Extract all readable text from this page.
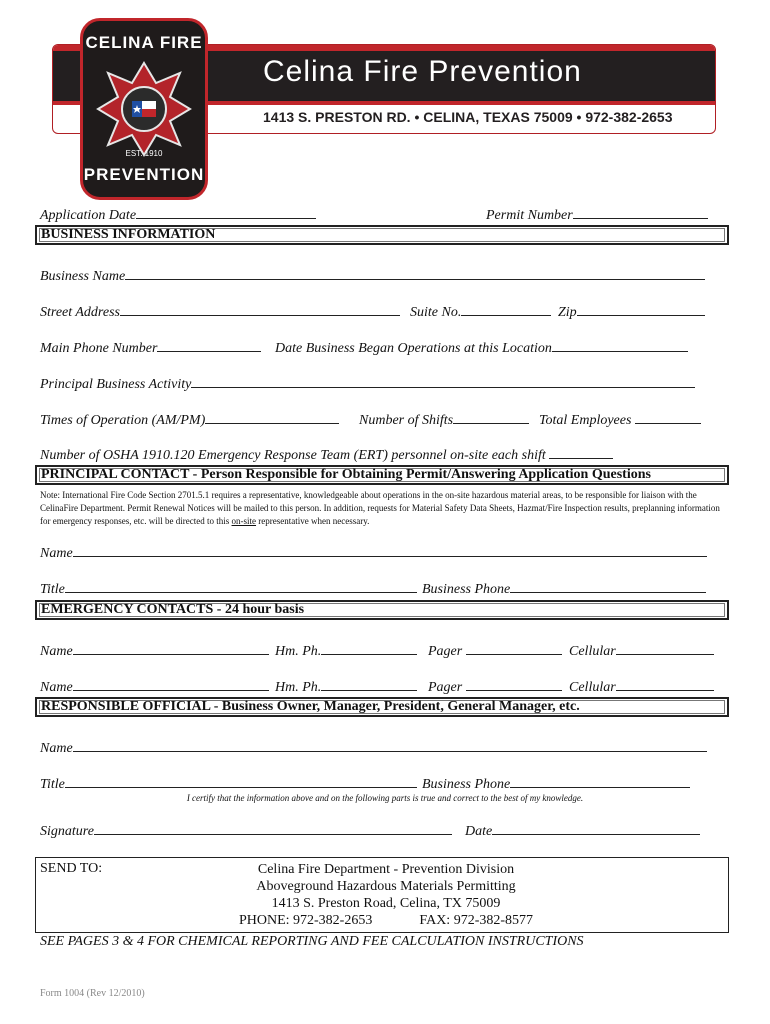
Celina Fire Prevention
1413 S. PRESTON RD. • CELINA, TEXAS 75009 • 972-382-2653
CELINA FIRE
EST. 1910
PREVENTION
Application Date	Permit Number
BUSINESS INFORMATION
Business Name
Street Address	Suite No.	Zip
Main Phone Number	Date Business Began Operations at this Location
Principal Business Activity
Times of Operation (AM/PM)	Number of Shifts	Total Employees
Number of OSHA 1910.120 Emergency Response Team (ERT) personnel on-site each shift
PRINCIPAL CONTACT - Person Responsible for Obtaining Permit/Answering Application Questions
Note: International Fire Code Section 2701.5.1 requires a representative, knowledgeable about operations in the on-site hazardous material areas, to be responsible for liaison with the CelinaFire Department. Permit Renewal Notices will be mailed to this person. In addition, requests for Material Safety Data Sheets, Hazmat/Fire Inspection results, preplanning information for emergency responses, etc. will be directed to this on-site representative when necessary.
Name
Title	Business Phone
EMERGENCY CONTACTS - 24 hour basis
Name	Hm. Ph.	Pager	Cellular
Name	Hm. Ph.	Pager	Cellular
RESPONSIBLE OFFICIAL - Business Owner, Manager, President, General Manager, etc.
Name
Title	Business Phone
I certify that the information above and on the following parts is true and correct to the best of my knowledge.
Signature	Date
SEND TO:	Celina Fire Department - Prevention Division
Aboveground Hazardous Materials Permitting
1413 S. Preston Road, Celina, TX 75009
PHONE: 972-382-2653	FAX: 972-382-8577
SEE PAGES 3 & 4 FOR CHEMICAL REPORTING AND FEE CALCULATION INSTRUCTIONS
Form 1004 (Rev 12/2010)
